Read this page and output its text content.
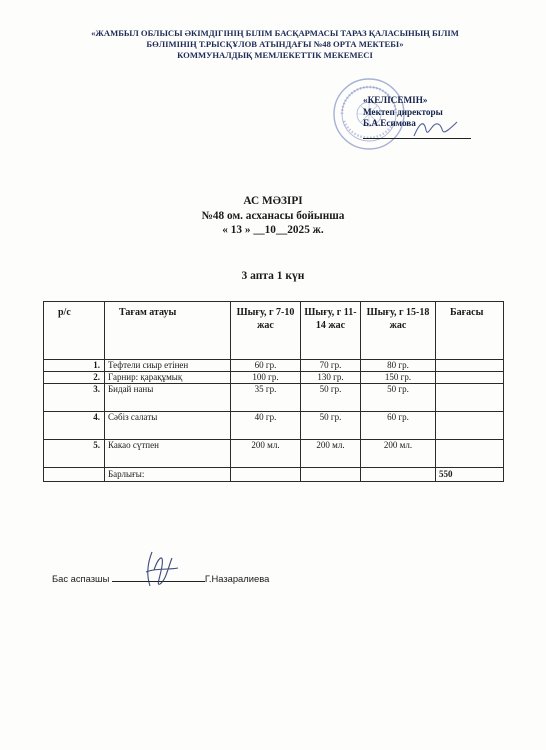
«ЖАМБЫЛ ОБЛЫСЫ ӘКІМДІГІНІҢ БІЛІМ БАСҚАРМАСЫ ТАРАЗ ҚАЛАСЫНЫҢ БІЛІМ
БӨЛІМІНІҢ Т.РЫСҚҰЛОВ АТЫНДАҒЫ №48 ОРТА МЕКТЕБІ»
КОММУНАЛДЫҚ МЕМЛЕКЕТТІК МЕКЕМЕСІ
«КЕЛІСЕМІН»
Мектеп директоры
Б.А.Есимова
АС МӘЗІРІ
№48 ом. асханасы бойынша
« 13 » __10__2025 ж.
3 апта 1 күн
р/с	Тағам атауы	Шығу, г 7-10 жас	Шығу, г 11-14 жас	Шығу, г 15-18 жас	Бағасы
1.	Тефтели сиыр етінен	60 гр.	70 гр.	80 гр.	
2.	Гарнир: қарақұмық	100 гр.	130 гр.	150 гр.	
3.	Бидай наны	35 гр.	50 гр.	50 гр.	
4.	Сәбіз салаты	40 гр.	50 гр.	60 гр.	
5.	Какао сүтпен	200 мл.	200 мл.	200 мл.	
	Барлығы:				550
Бас аспазшы	Г.Назаралиева
